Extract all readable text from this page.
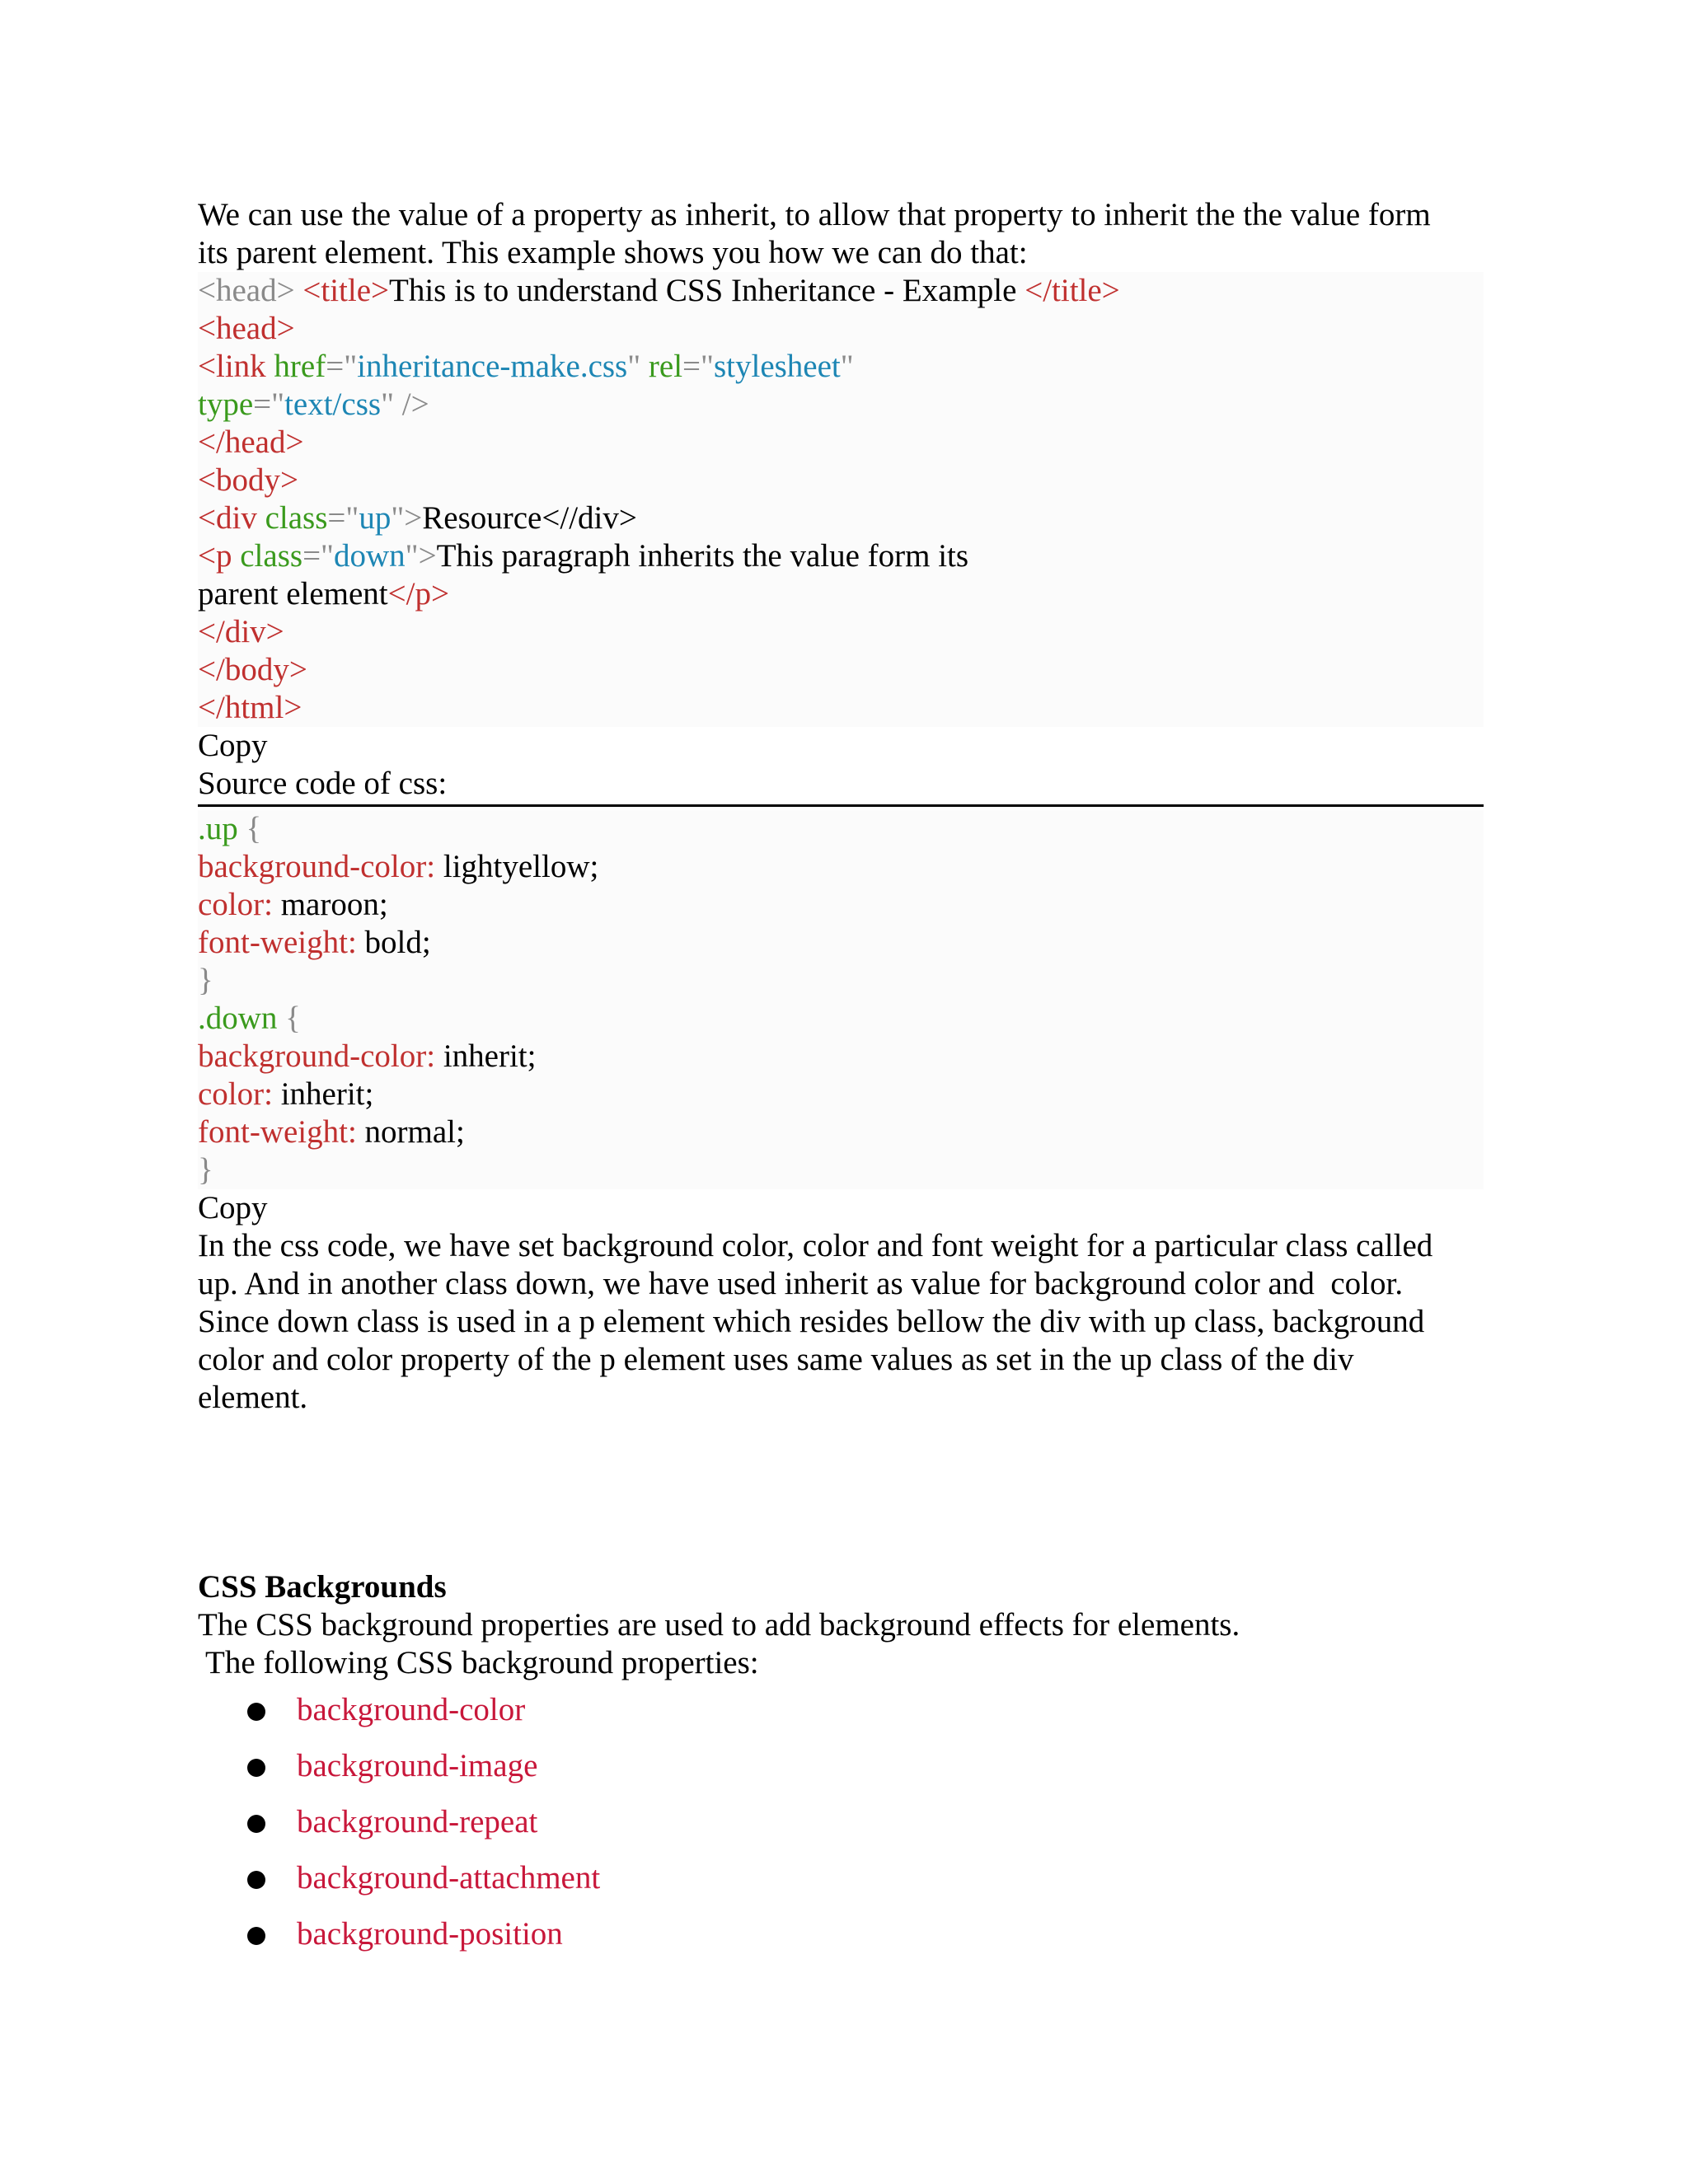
We can use the value of a property as inherit, to allow that property to inherit the the value form
its parent element. This example shows you how we can do that:
<head> <title>This is to understand CSS Inheritance - Example </title>
<head>
<link href="inheritance-make.css" rel="stylesheet"
type="text/css" />
</head>
<body>
<div class="up">Resource<//div>
<p class="down">This paragraph inherits the value form its
parent element</p>
</div>
</body>
</html>
Copy
Source code of css:
.up {
background-color: lightyellow;
color: maroon;
font-weight: bold;
}
.down {
background-color: inherit;
color: inherit;
font-weight: normal;
}
Copy
In the css code, we have set background color, color and font weight for a particular class called
up. And in another class down, we have used inherit as value for background color and  color.
Since down class is used in a p element which resides bellow the div with up class, background
color and color property of the p element uses same values as set in the up class of the div
element.
CSS Backgrounds
The CSS background properties are used to add background effects for elements.
The following CSS background properties:
background-color
background-image
background-repeat
background-attachment
background-position
